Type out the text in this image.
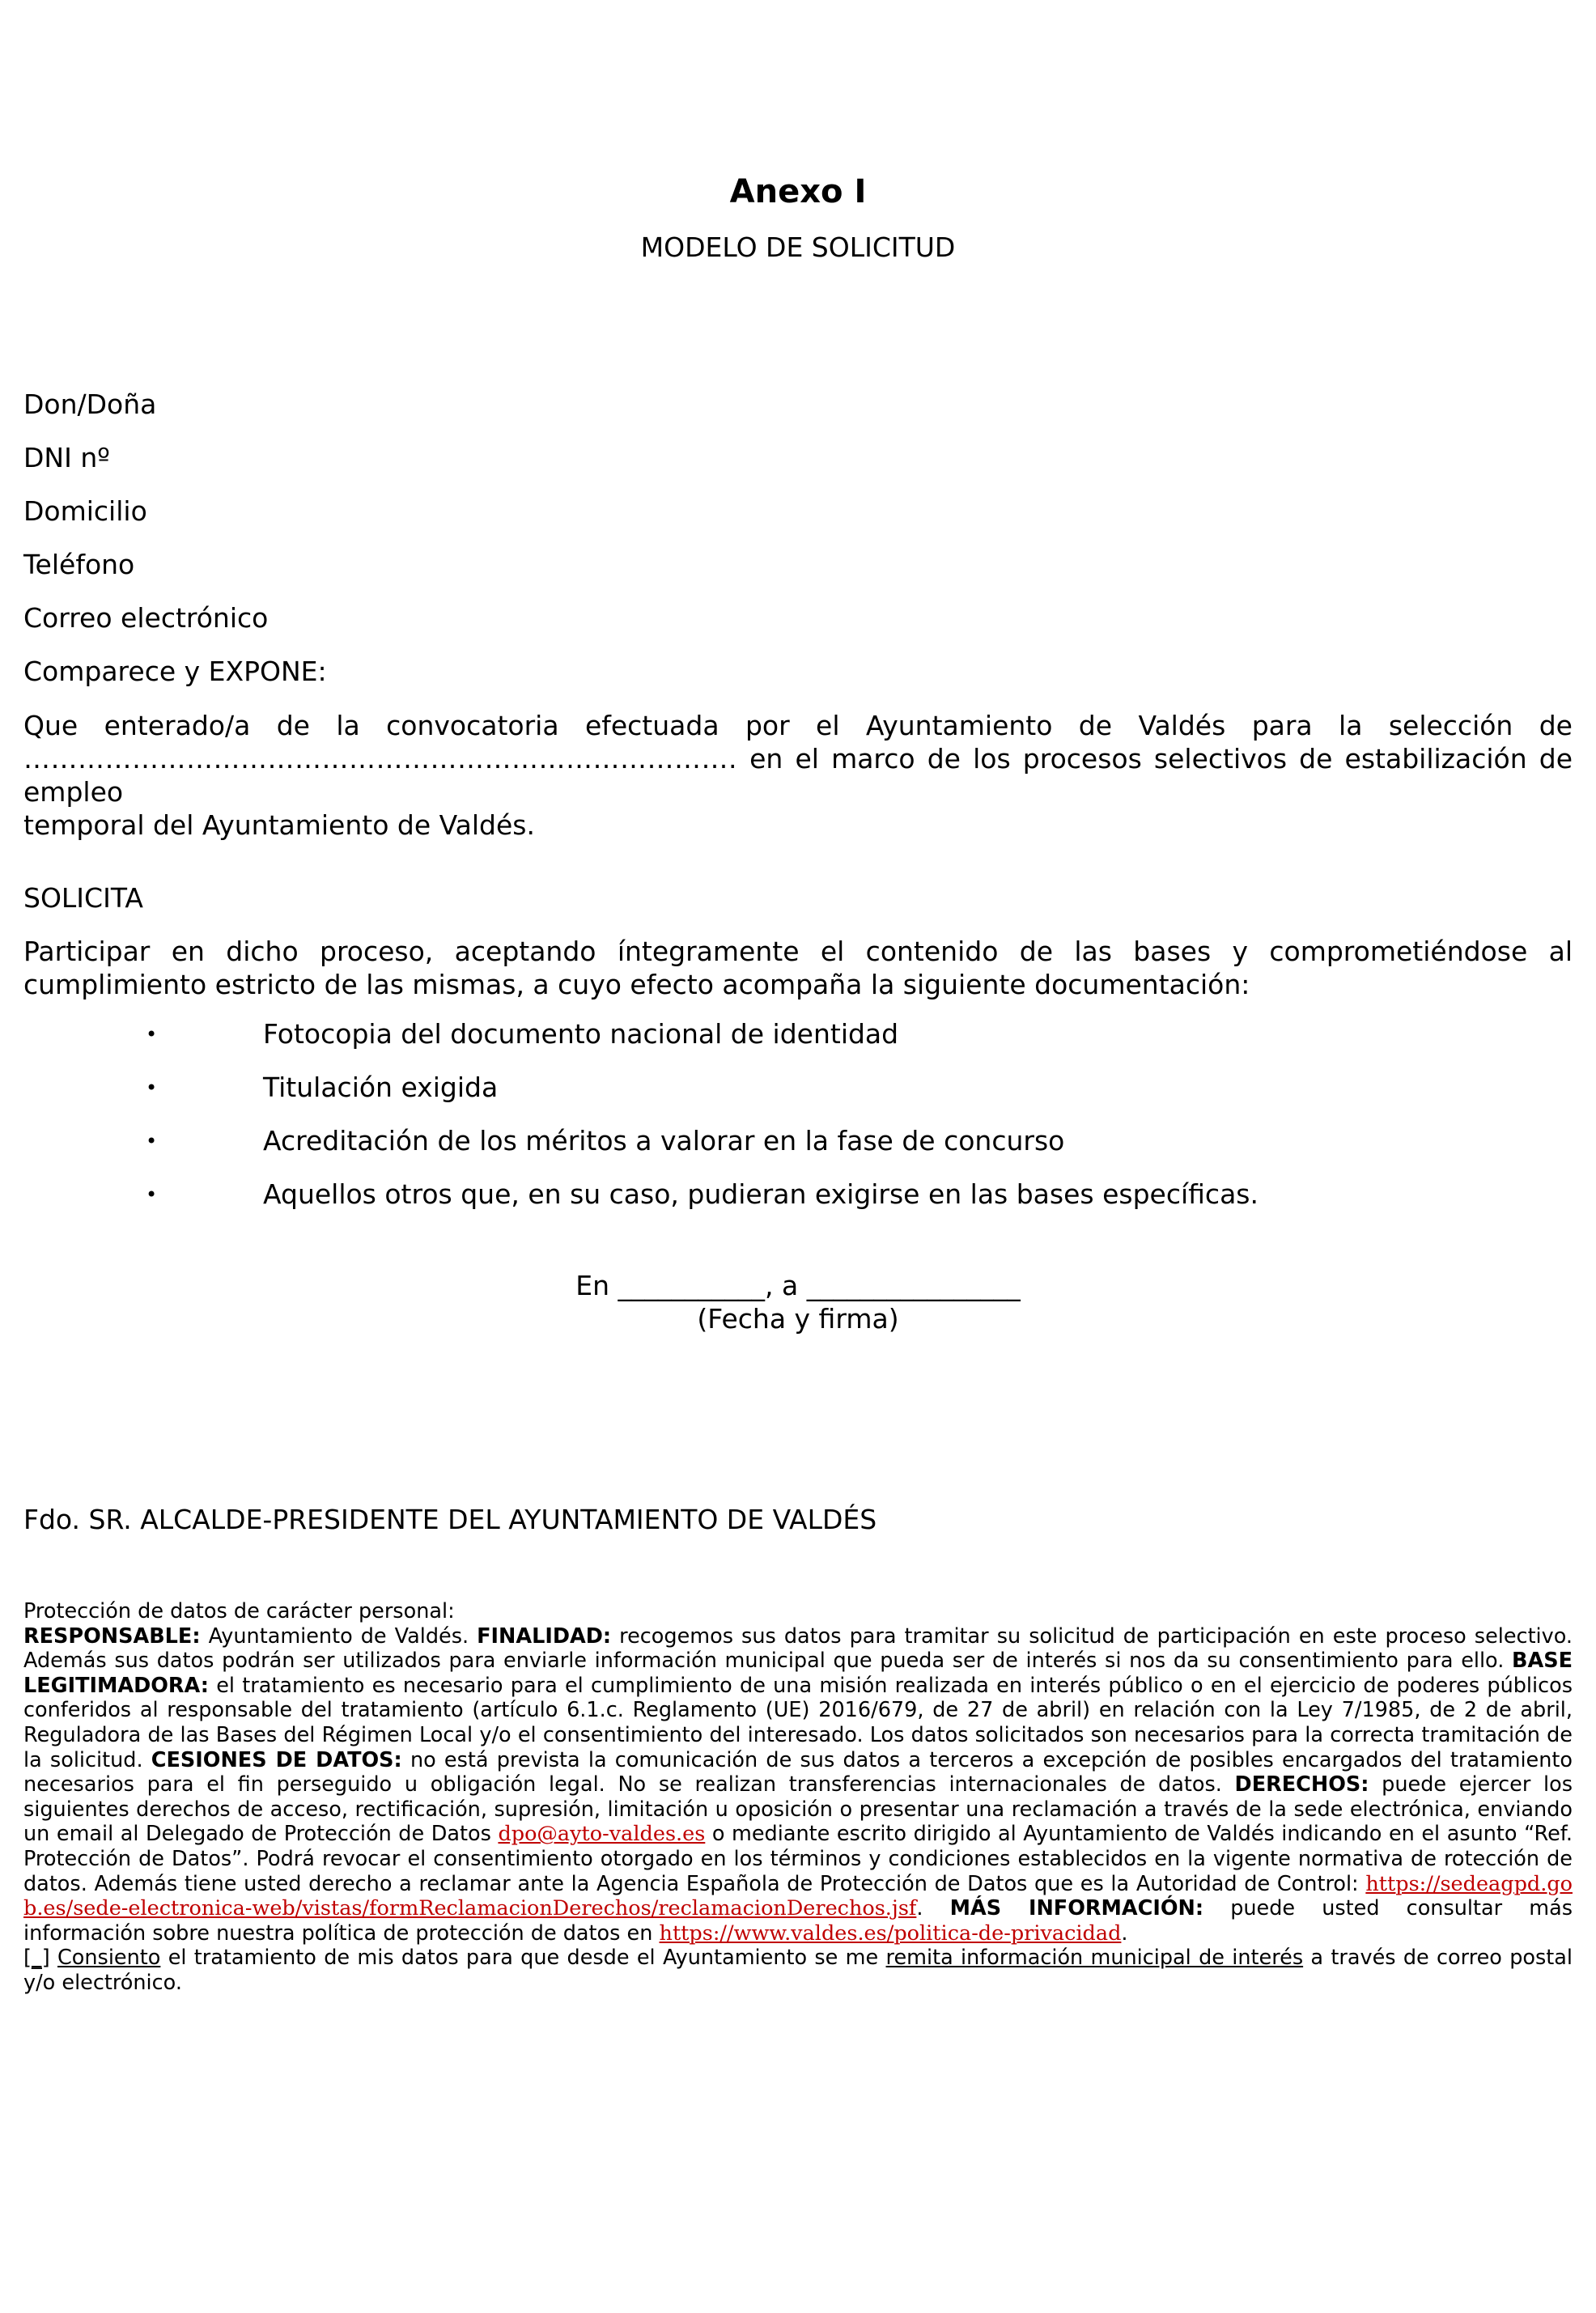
Anexo I
MODELO DE SOLICITUD
Don/Doña
DNI nº
Domicilio
Teléfono
Correo electrónico
Comparece y EXPONE:
Que enterado/a de la convocatoria efectuada por el Ayuntamiento de Valdés para la selección de
……………………………………………………………………. en el marco de los procesos selectivos de estabilización de empleo
temporal del Ayuntamiento de Valdés.
SOLICITA
Participar en dicho proceso, aceptando íntegramente el contenido de las bases y comprometiéndose al cumplimiento estricto de las mismas, a cuyo efecto acompaña la siguiente documentación:
•	Fotocopia del documento nacional de identidad
•	Titulación exigida
•	Acreditación de los méritos a valorar en la fase de concurso
•	Aquellos otros que, en su caso, pudieran exigirse en las bases específicas.
En ___________, a ________________
(Fecha y firma)
Fdo. SR. ALCALDE-PRESIDENTE DEL AYUNTAMIENTO DE VALDÉS
Protección de datos de carácter personal:
RESPONSABLE: Ayuntamiento de Valdés. FINALIDAD: recogemos sus datos para tramitar su solicitud de participación en este proceso selectivo. Además sus datos podrán ser utilizados para enviarle información municipal que pueda ser de interés si nos da su consentimiento para ello. BASE LEGITIMADORA: el tratamiento es necesario para el cumplimiento de una misión realizada en interés público o en el ejercicio de poderes públicos conferidos al responsable del tratamiento (artículo 6.1.c. Reglamento (UE) 2016/679, de 27 de abril) en relación con la Ley 7/1985, de 2 de abril, Reguladora de las Bases del Régimen Local y/o el consentimiento del interesado. Los datos solicitados son necesarios para la correcta tramitación de la solicitud. CESIONES DE DATOS: no está prevista la comunicación de sus datos a terceros a excepción de posibles encargados del tratamiento necesarios para el fin perseguido u obligación legal. No se realizan transferencias internacionales de datos. DERECHOS: puede ejercer los siguientes derechos de acceso, rectificación, supresión, limitación u oposición o presentar una reclamación a través de la sede electrónica, enviando un email al Delegado de Protección de Datos dpo@ayto-valdes.es o mediante escrito dirigido al Ayuntamiento de Valdés indicando en el asunto “Ref. Protección de Datos”. Podrá revocar el consentimiento otorgado en los términos y condiciones establecidos en la vigente normativa de rotección de datos. Además tiene usted derecho a reclamar ante la Agencia Española de Protección de Datos que es la Autoridad de Control: https://sedeagpd.gob.es/sede-electronica-web/vistas/formReclamacionDerechos/reclamacionDerechos.jsf. MÁS INFORMACIÓN: puede usted consultar más información sobre nuestra política de protección de datos en https://www.valdes.es/politica-de-privacidad.
[_] Consiento el tratamiento de mis datos para que desde el Ayuntamiento se me remita información municipal de interés a través de correo postal y/o electrónico.
